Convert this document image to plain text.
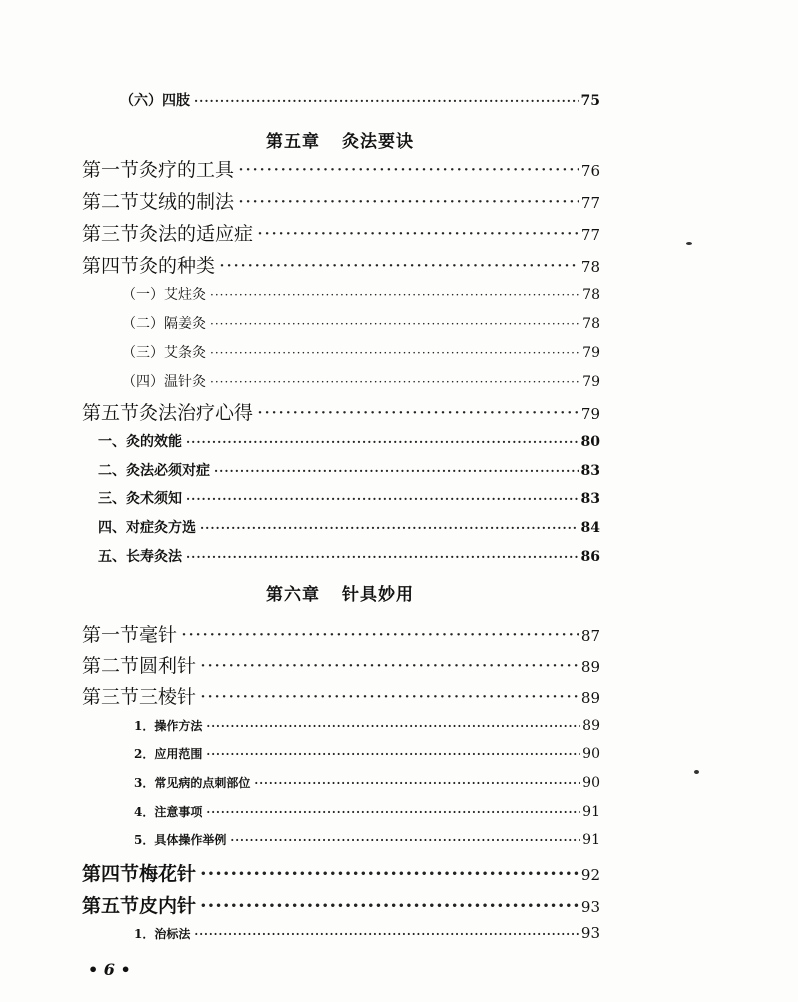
（六）四肢 ·····	75
第五章 灸法要诀
第一节 灸疗的工具 ·····	76
第二节 艾绒的制法 ·····	77
第三节 灸法的适应症 ·····	77
第四节 灸的种类 ·····	78
（一）艾炷灸 ·····	78
（二）隔姜灸 ·····	78
（三）艾条灸 ·····	79
（四）温针灸 ·····	79
第五节 灸法治疗心得 ·····	79
一、灸的效能 ·····	80
二、灸法必须对症 ·····	83
三、灸术须知 ·····	83
四、对症灸方选 ·····	84
五、长寿灸法 ·····	86
第六章 针具妙用
第一节 毫针 ·····	87
第二节 圆利针 ·····	89
第三节 三棱针 ·····	89
1．操作方法 ·····	89
2．应用范围 ·····	90
3．常见病的点刺部位 ·····	90
4．注意事项 ·····	91
5．具体操作举例 ·····	91
第四节 梅花针 ·····	92
第五节 皮内针 ·····	93
1．治标法 ·····	93
• 6 •
